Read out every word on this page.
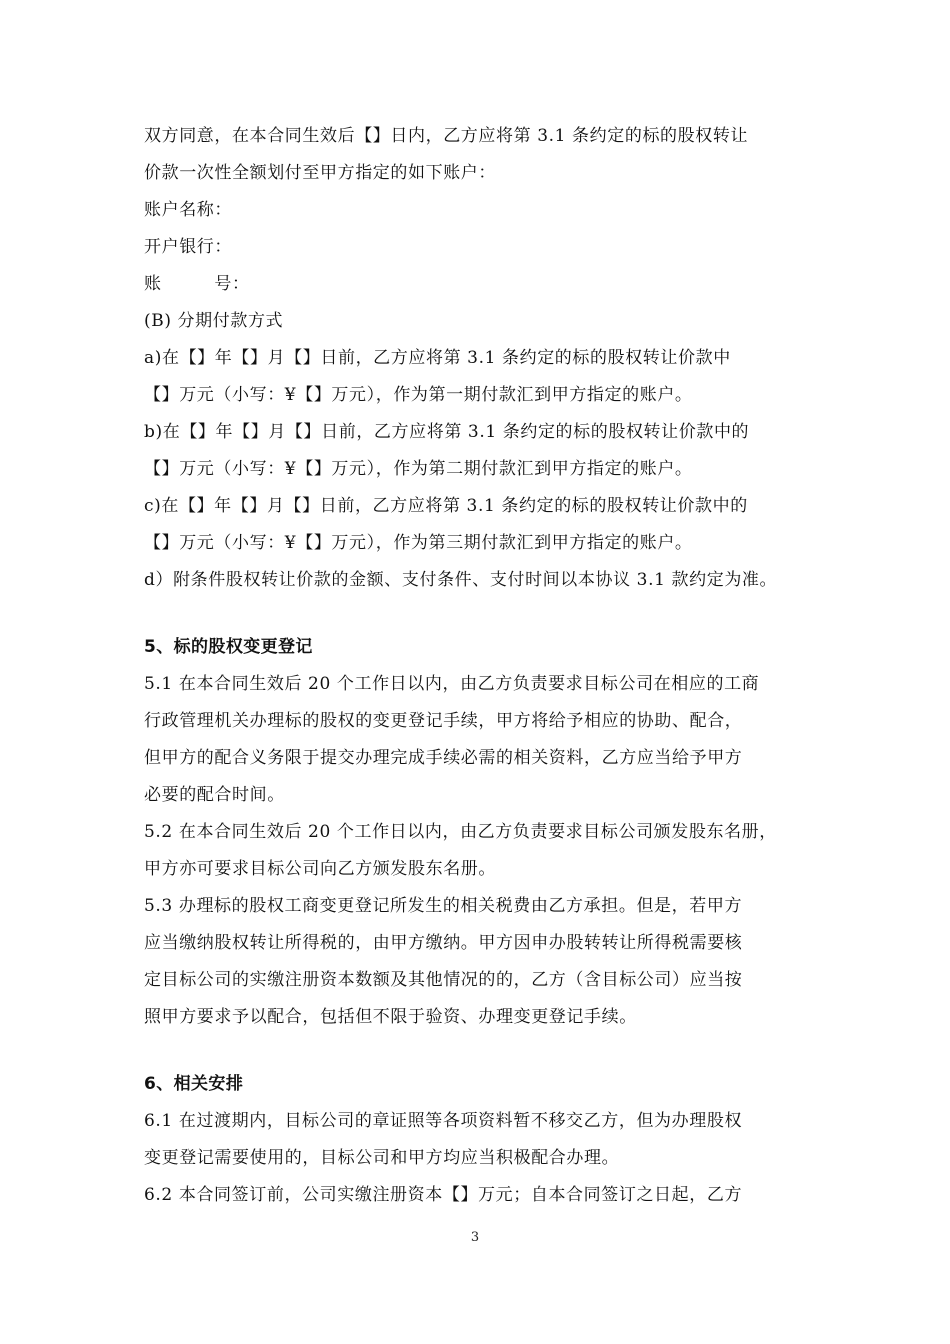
双方同意，在本合同生效后【】日内，乙方应将第 3.1 条约定的标的股权转让
价款一次性全额划付至甲方指定的如下账户：
账户名称：
开户银行：
账　　　号：
(B) 分期付款方式
a)在【】年【】月【】日前，乙方应将第 3.1 条约定的标的股权转让价款中
【】万元（小写：¥【】万元），作为第一期付款汇到甲方指定的账户。
b)在【】年【】月【】日前，乙方应将第 3.1 条约定的标的股权转让价款中的
【】万元（小写：¥【】万元），作为第二期付款汇到甲方指定的账户。
c)在【】年【】月【】日前，乙方应将第 3.1 条约定的标的股权转让价款中的
【】万元（小写：¥【】万元），作为第三期付款汇到甲方指定的账户。
d）附条件股权转让价款的金额、支付条件、支付时间以本协议 3.1 款约定为准。
5、标的股权变更登记
5.1 在本合同生效后 20 个工作日以内，由乙方负责要求目标公司在相应的工商
行政管理机关办理标的股权的变更登记手续，甲方将给予相应的协助、配合，
但甲方的配合义务限于提交办理完成手续必需的相关资料，乙方应当给予甲方
必要的配合时间。
5.2 在本合同生效后 20 个工作日以内，由乙方负责要求目标公司颁发股东名册，
甲方亦可要求目标公司向乙方颁发股东名册。
5.3 办理标的股权工商变更登记所发生的相关税费由乙方承担。但是，若甲方
应当缴纳股权转让所得税的，由甲方缴纳。甲方因申办股转转让所得税需要核
定目标公司的实缴注册资本数额及其他情况的的，乙方（含目标公司）应当按
照甲方要求予以配合，包括但不限于验资、办理变更登记手续。
6、相关安排
6.1 在过渡期内，目标公司的章证照等各项资料暂不移交乙方，但为办理股权
变更登记需要使用的，目标公司和甲方均应当积极配合办理。
6.2 本合同签订前，公司实缴注册资本【】万元；自本合同签订之日起，乙方
3
